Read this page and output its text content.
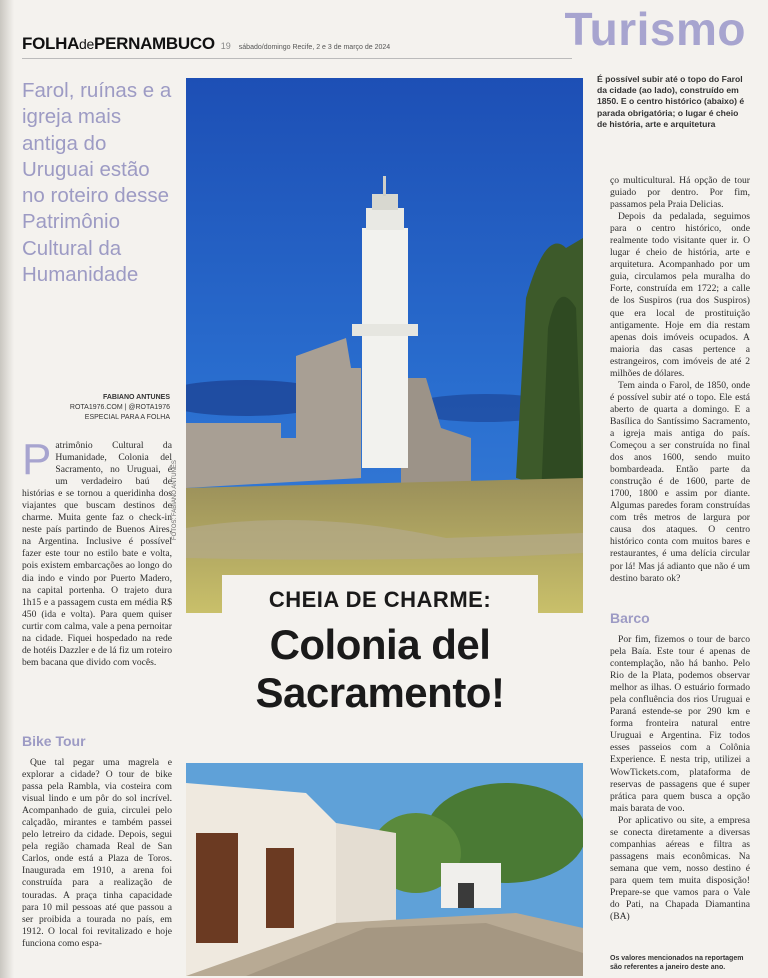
FOLHAdePERNAMBUCO 19 sábado/domingo Recife, 2 e 3 de março de 2024	Turismo
Farol, ruínas e a igreja mais antiga do Uruguai estão no roteiro desse Patrimônio Cultural da Humanidade
FABIANO ANTUNES
ROTA1976.COM | @ROTA1976
ESPECIAL PARA A FOLHA

Patrimônio Cultural da Humanidade, Colonia del Sacramento, no Uruguai, é um verdadeiro baú de histórias e se tornou a queridinha dos viajantes que buscam destinos de charme. Muita gente faz o check-in neste país partindo de Buenos Aires, na Argentina. Inclusive é possível fazer este tour no estilo bate e volta, pois existem embarcações ao longo do dia indo e vindo por Puerto Madero, na capital portenha. O trajeto dura 1h15 e a passagem custa em média R$ 450 (ida e volta). Para quem quiser curtir com calma, vale a pena pernoitar na cidade. Fiquei hospedado na rede de hotéis Dazzler e de lá fiz um roteiro bem bacana que divido com vocês.

Bike Tour

Que tal pegar uma magrela e explorar a cidade? O tour de bike passa pela Rambla, via costeira com visual lindo e um pôr do sol incrível. Acompanhado de guia, circulei pelo calçadão, mirantes e também passei pelo letreiro da cidade. Depois, segui pela região chamada Real de San Carlos, onde está a Plaza de Toros. Inaugurada em 1910, a arena foi construída para a realização de touradas. A praça tinha capacidade para 10 mil pessoas até que passou a ser proibida a tourada no país, em 1912. O local foi revitalizado e hoje funciona como espa-

FOTOS: FABIANO ANTUNES
CHEIA DE CHARME:
Colonia del
Sacramento!
É possível subir até o topo do Farol da cidade (ao lado), construído em 1850. E o centro histórico (abaixo) é parada obrigatória; o lugar é cheio de história, arte e arquitetura

ço multicultural. Há opção de tour guiado por dentro. Por fim, passamos pela Praia Delicias.

Depois da pedalada, seguimos para o centro histórico, onde realmente todo visitante quer ir. O lugar é cheio de história, arte e arquitetura. Acompanhado por um guia, circulamos pela muralha do Forte, construída em 1722; a calle de los Suspiros (rua dos Suspiros) que era local de prostituição antigamente. Hoje em dia restam apenas dois imóveis ocupados. A maioria das casas pertence a estrangeiros, com imóveis de até 2 milhões de dólares.

Tem ainda o Farol, de 1850, onde é possível subir até o topo. Ele está aberto de quarta a domingo. E a Basílica do Santíssimo Sacramento, a igreja mais antiga do país. Começou a ser construída no final dos anos 1600, sendo muito bombardeada. Então parte da construção é de 1600, parte de 1700, 1800 e assim por diante. Algumas paredes foram construídas com três metros de largura por causa dos ataques. O centro histórico conta com muitos bares e restaurantes, é uma delícia circular por lá! Mas já adianto que não é um destino barato ok?

Barco

Por fim, fizemos o tour de barco pela Baía. Este tour é apenas de contemplação, não há banho. Pelo Rio de la Plata, podemos observar melhor as ilhas. O estuário formado pela confluência dos rios Uruguai e Paraná estende-se por 290 km e forma fronteira natural entre Uruguai e Argentina. Fiz todos esses passeios com a Colônia Experience. E nesta trip, utilizei a WowTickets.com, plataforma de reservas de passagens que é super prática para quem busca a opção mais barata de voo.

Por aplicativo ou site, a empresa se conecta diretamente a diversas companhias aéreas e filtra as passagens mais econômicas. Na semana que vem, nosso destino é para quem tem muita disposição! Prepare-se que vamos para o Vale do Pati, na Chapada Diamantina (BA)

Os valores mencionados na reportagem são referentes a janeiro deste ano.
